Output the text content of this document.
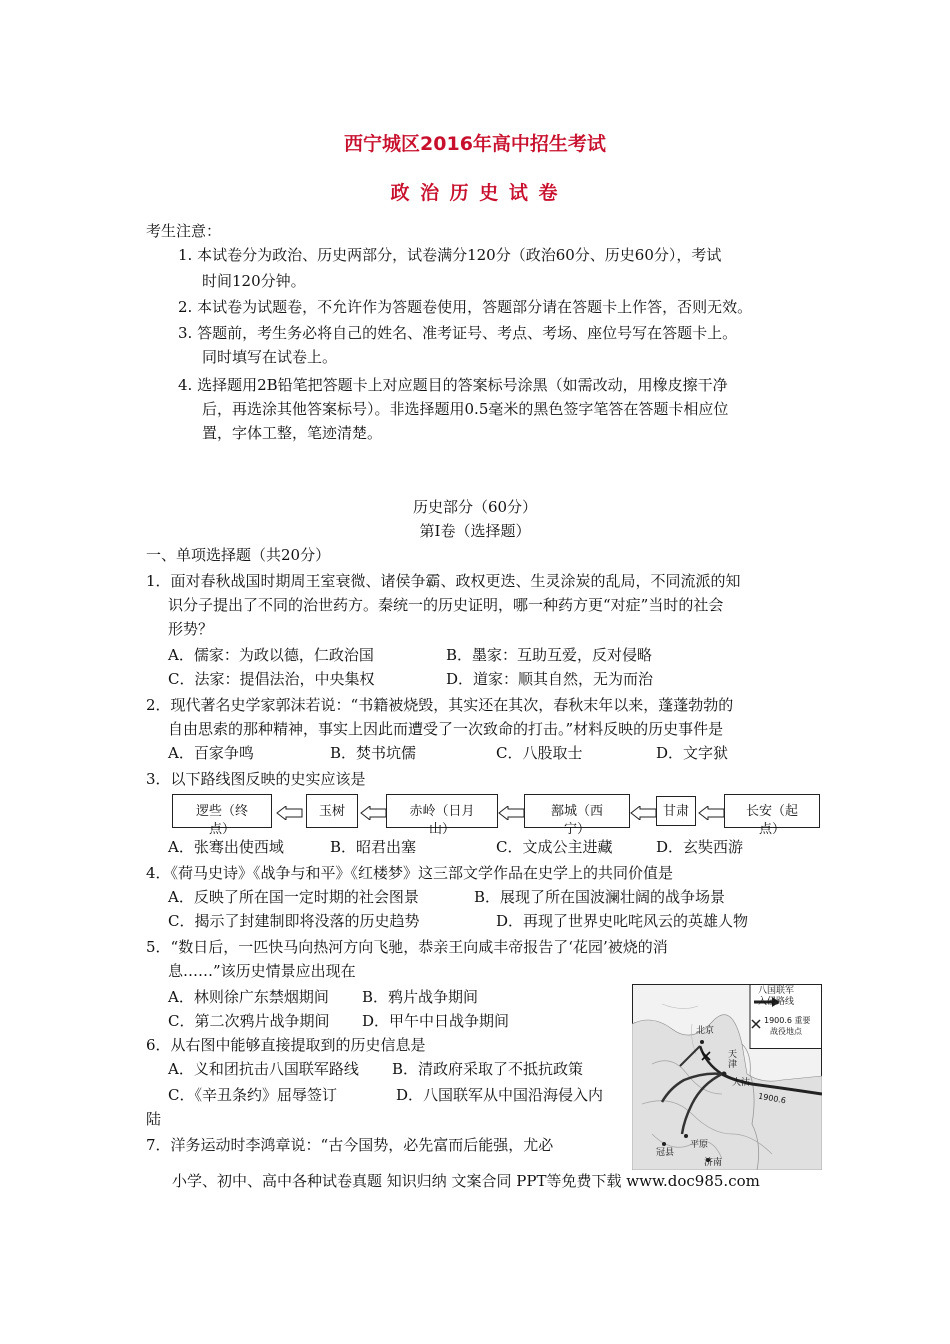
西宁城区2016年高中招生考试
政 治 历 史 试 卷
考生注意：
1. 本试卷分为政治、历史两部分，试卷满分120分（政治60分、历史60分），考试
时间120分钟。
2. 本试卷为试题卷，不允许作为答题卷使用，答题部分请在答题卡上作答，否则无效。
3. 答题前，考生务必将自己的姓名、准考证号、考点、考场、座位号写在答题卡上。
同时填写在试卷上。
4. 选择题用2B铅笔把答题卡上对应题目的答案标号涂黑（如需改动，用橡皮擦干净
后，再选涂其他答案标号）。非选择题用0.5毫米的黑色签字笔答在答题卡相应位
置，字体工整，笔迹清楚。
历史部分（60分）
第Ⅰ卷（选择题）
一、单项选择题（共20分）
1．面对春秋战国时期周王室衰微、诸侯争霸、政权更迭、生灵涂炭的乱局，不同流派的知
识分子提出了不同的治世药方。秦统一的历史证明，哪一种药方更“对症”当时的社会
形势？
A．儒家：为政以德，仁政治国	B．墨家：互助互爱，反对侵略
C．法家：提倡法治，中央集权	D．道家：顺其自然，无为而治
2．现代著名史学家郭沫若说：“书籍被烧毁，其实还在其次，春秋末年以来，蓬蓬勃勃的
自由思索的那种精神，事实上因此而遭受了一次致命的打击。”材料反映的历史事件是
A．百家争鸣	B．焚书坑儒	C．八股取士	D．文字狱
3．以下路线图反映的史实应该是
逻些（终
点）
玉树	赤岭（日月
山）
鄯城（西
宁）
甘肃	长安（起
点）
A．张骞出使西域	B．昭君出塞	C．文成公主进藏	D．玄奘西游
4．《荷马史诗》《战争与和平》《红楼梦》这三部文学作品在史学上的共同价值是
A．反映了所在国一定时期的社会图景	B．展现了所在国波澜壮阔的战争场景
C．揭示了封建制即将没落的历史趋势	D．再现了世界史叱咤风云的英雄人物
5．“数日后，一匹快马向热河方向飞驰，恭亲王向咸丰帝报告了‘花园’被烧的消
息……”该历史情景应出现在
A．林则徐广东禁烟期间 B．鸦片战争期间
C．第二次鸦片战争期间 D．甲午中日战争期间
6．从右图中能够直接提取到的历史信息是
A．义和团抗击八国联军路线 B．清政府采取了不抵抗政策
C．《辛丑条约》屈辱签订	D．八国联军从中国沿海侵入内
陆
7．洋务运动时李鸿章说：“古今国势，必先富而后能强，尤必
八国联军
入侵路线
1900.6 重要
战役地点
北京
天
津
大沽
1900.6
冠县
平原
济南
小学、初中、高中各种试卷真题 知识归纳 文案合同 PPT等免费下载 www.doc985.com
